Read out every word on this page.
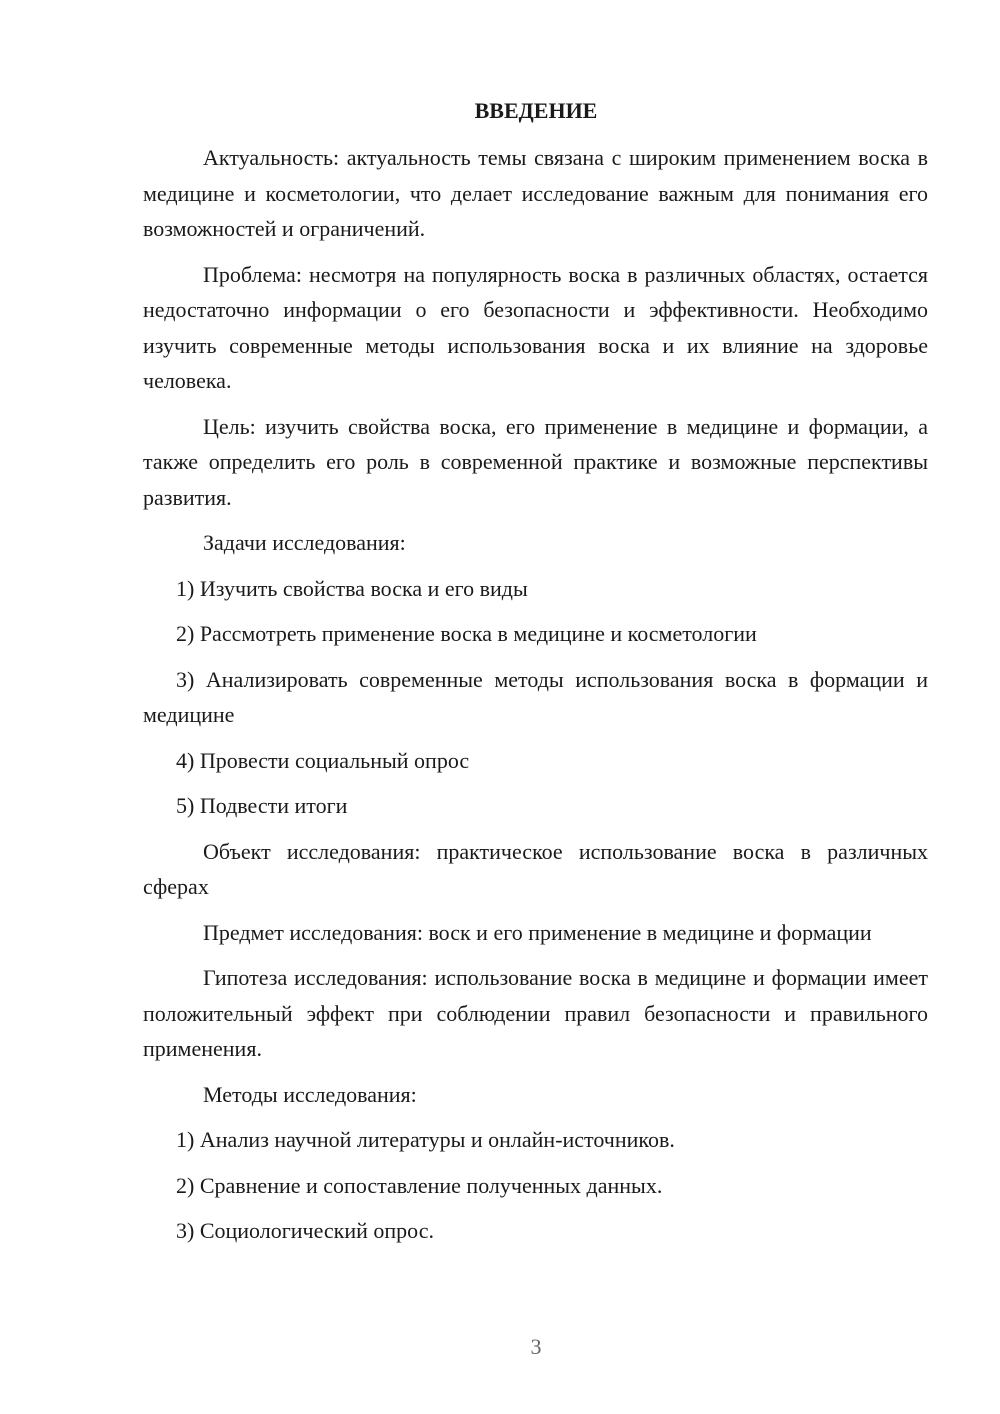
ВВЕДЕНИЕ

Актуальность: актуальность темы связана с широким применением воска в медицине и косметологии, что делает исследование важным для понимания его возможностей и ограничений.

Проблема: несмотря на популярность воска в различных областях, остается недостаточно информации о его безопасности и эффективности. Необходимо изучить современные методы использования воска и их влияние на здоровье человека.

Цель: изучить свойства воска, его применение в медицине и формации, а также определить его роль в современной практике и возможные перспективы развития.

Задачи исследования:

1) Изучить свойства воска и его виды

2) Рассмотреть применение воска в медицине и косметологии

3) Анализировать современные методы использования воска в формации и медицине

4) Провести социальный опрос

5) Подвести итоги

Объект исследования: практическое использование воска в различных сферах

Предмет исследования: воск и его применение в медицине и формации

Гипотеза исследования: использование воска в медицине и формации имеет положительный эффект при соблюдении правил безопасности и правильного применения.

Методы исследования:

1) Анализ научной литературы и онлайн-источников.

2) Сравнение и сопоставление полученных данных.

3) Социологический опрос.

3
